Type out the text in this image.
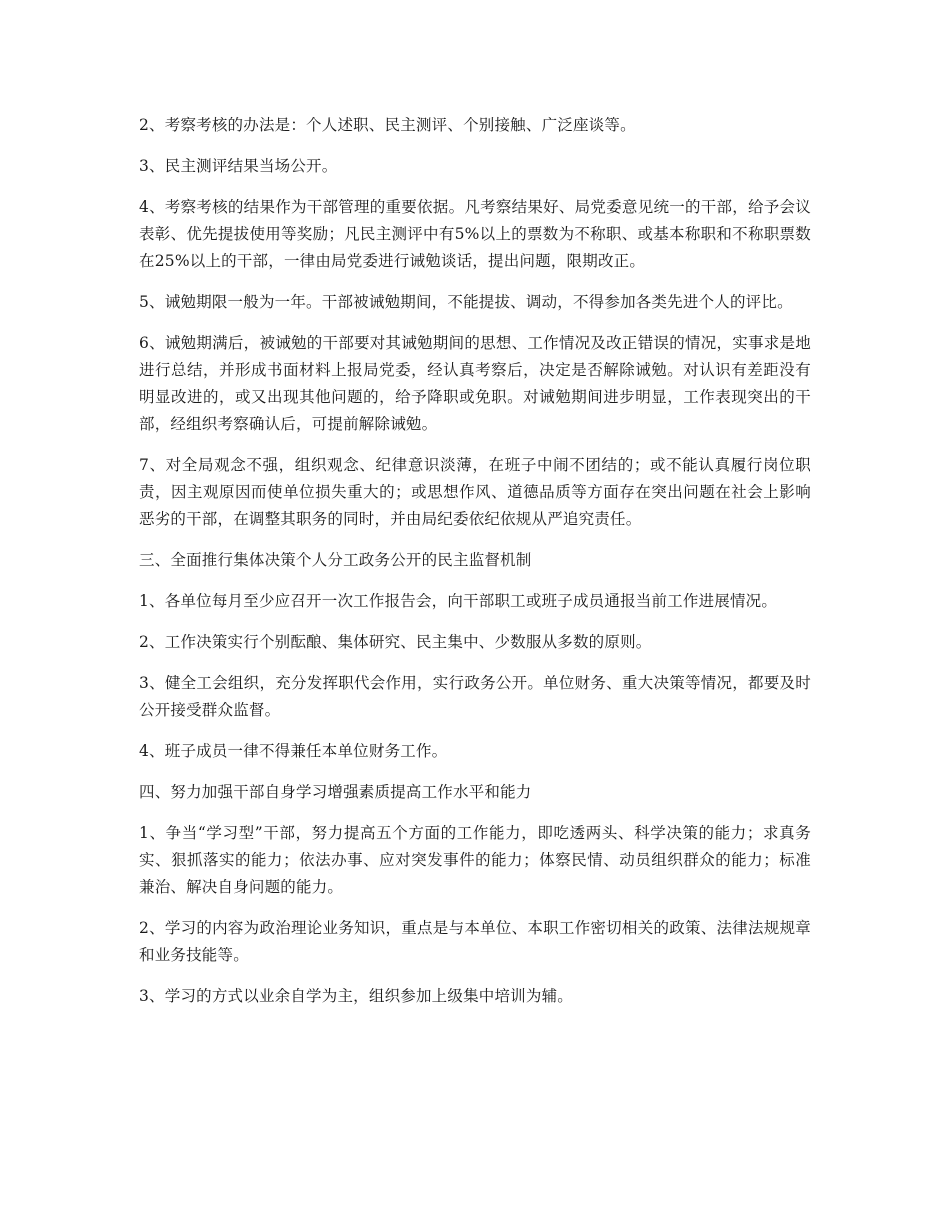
2、考察考核的办法是：个人述职、民主测评、个别接触、广泛座谈等。

3、民主测评结果当场公开。

4、考察考核的结果作为干部管理的重要依据。凡考察结果好、局党委意见统一的干部，给予会议表彰、优先提拔使用等奖励；凡民主测评中有5%以上的票数为不称职、或基本称职和不称职票数在25%以上的干部，一律由局党委进行诫勉谈话，提出问题，限期改正。

5、诫勉期限一般为一年。干部被诫勉期间，不能提拔、调动，不得参加各类先进个人的评比。

6、诫勉期满后，被诫勉的干部要对其诫勉期间的思想、工作情况及改正错误的情况，实事求是地进行总结，并形成书面材料上报局党委，经认真考察后，决定是否解除诫勉。对认识有差距没有明显改进的，或又出现其他问题的，给予降职或免职。对诫勉期间进步明显，工作表现突出的干部，经组织考察确认后，可提前解除诫勉。

7、对全局观念不强，组织观念、纪律意识淡薄，在班子中闹不团结的；或不能认真履行岗位职责，因主观原因而使单位损失重大的；或思想作风、道德品质等方面存在突出问题在社会上影响恶劣的干部，在调整其职务的同时，并由局纪委依纪依规从严追究责任。

三、全面推行集体决策个人分工政务公开的民主监督机制

1、各单位每月至少应召开一次工作报告会，向干部职工或班子成员通报当前工作进展情况。

2、工作决策实行个别酝酿、集体研究、民主集中、少数服从多数的原则。

3、健全工会组织，充分发挥职代会作用，实行政务公开。单位财务、重大决策等情况，都要及时公开接受群众监督。

4、班子成员一律不得兼任本单位财务工作。

四、努力加强干部自身学习增强素质提高工作水平和能力

1、争当“学习型”干部，努力提高五个方面的工作能力，即吃透两头、科学决策的能力；求真务实、狠抓落实的能力；依法办事、应对突发事件的能力；体察民情、动员组织群众的能力；标准兼治、解决自身问题的能力。

2、学习的内容为政治理论业务知识，重点是与本单位、本职工作密切相关的政策、法律法规规章和业务技能等。

3、学习的方式以业余自学为主，组织参加上级集中培训为辅。
